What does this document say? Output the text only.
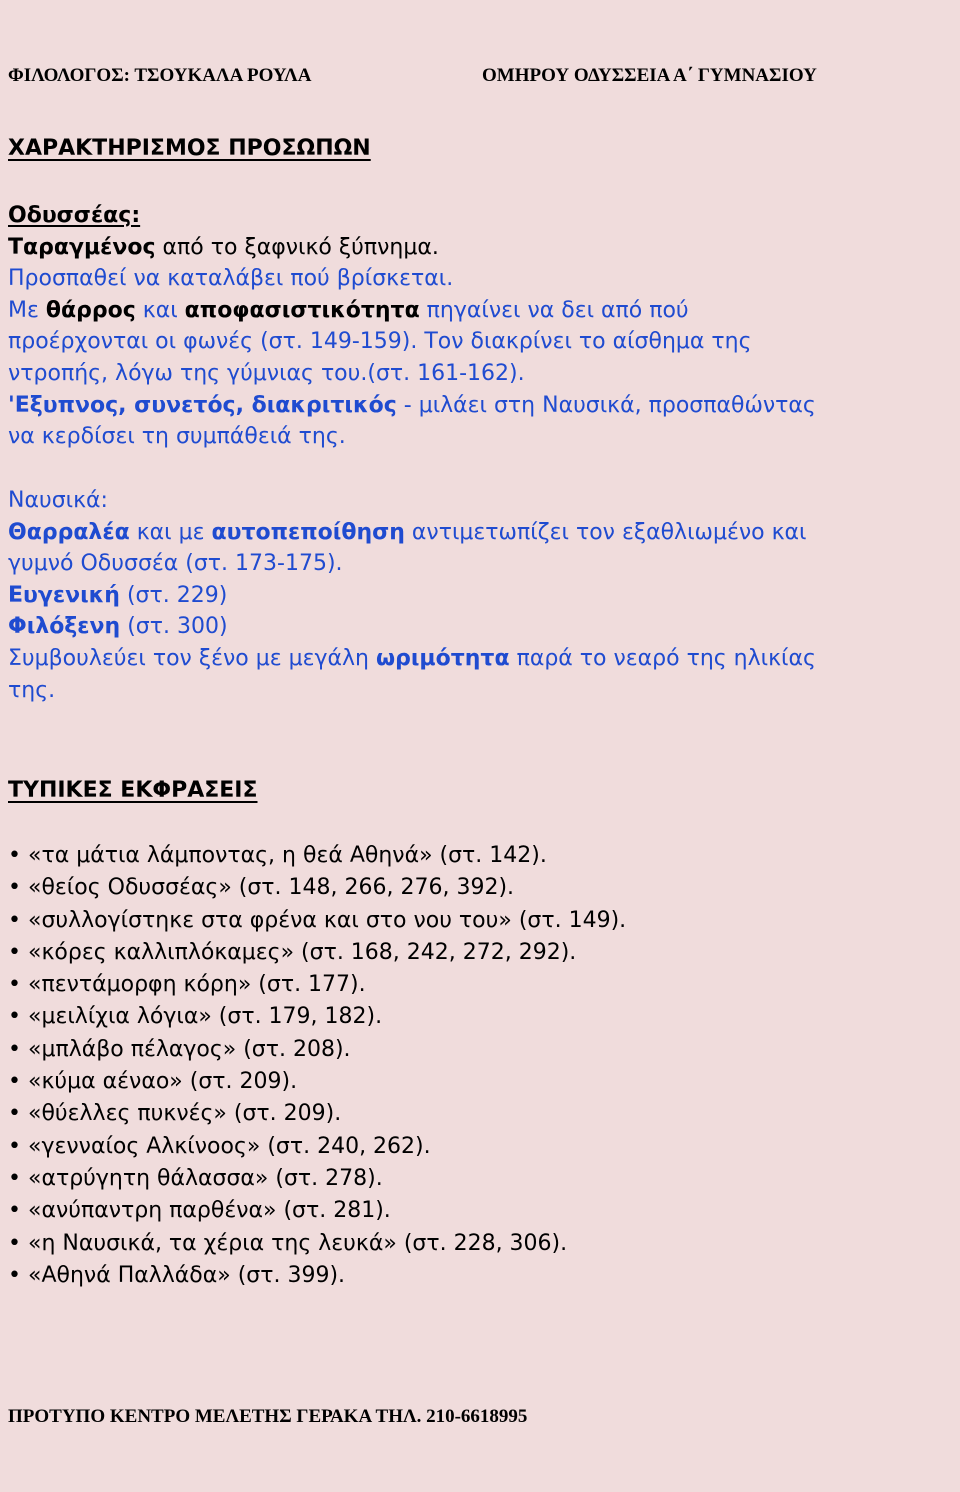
ΦΙΛΟΛΟΓΟΣ: ΤΣΟΥΚΑΛΑ ΡΟΥΛΑ	ΟΜΗΡΟΥ ΟΔΥΣΣΕΙΑ Α΄ ΓΥΜΝΑΣΙΟΥ
ΧΑΡΑΚΤΗΡΙΣΜΟΣ ΠΡΟΣΩΠΩΝ
Οδυσσέας:
Ταραγμένος από το ξαφνικό ξύπνημα.
Προσπαθεί να καταλάβει πού βρίσκεται.
Με θάρρος και αποφασιστικότητα πηγαίνει να δει από πού
προέρχονται οι φωνές (στ. 149-159). Τον διακρίνει το αίσθημα της
ντροπής, λόγω της γύμνιας του.(στ. 161-162).
'Εξυπνος, συνετός, διακριτικός - μιλάει στη Ναυσικά, προσπαθώντας
να κερδίσει τη συμπάθειά της.
Ναυσικά:
Θαρραλέα και με αυτοπεποίθηση αντιμετωπίζει τον εξαθλιωμένο και
γυμνό Οδυσσέα (στ. 173-175).
Ευγενική (στ. 229)
Φιλόξενη (στ. 300)
Συμβουλεύει τον ξένο με μεγάλη ωριμότητα παρά το νεαρό της ηλικίας
της.
ΤΥΠΙΚΕΣ ΕΚΦΡΑΣΕΙΣ
• «τα μάτια λάμποντας, η θεά Αθηνά» (στ. 142).
• «θείος Οδυσσέας» (στ. 148, 266, 276, 392).
• «συλλογίστηκε στα φρένα και στο νου του» (στ. 149).
• «κόρες καλλιπλόκαμες» (στ. 168, 242, 272, 292).
• «πεντάμορφη κόρη» (στ. 177).
• «μειλίχια λόγια» (στ. 179, 182).
• «μπλάβο πέλαγος» (στ. 208).
• «κύμα αέναο» (στ. 209).
• «θύελλες πυκνές» (στ. 209).
• «γενναίος Αλκίνοος» (στ. 240, 262).
• «ατρύγητη θάλασσα» (στ. 278).
• «ανύπαντρη παρθένα» (στ. 281).
• «η Ναυσικά, τα χέρια της λευκά» (στ. 228, 306).
• «Αθηνά Παλλάδα» (στ. 399).
ΠΡΟΤΥΠΟ ΚΕΝΤΡΟ ΜΕΛΕΤΗΣ ΓΕΡΑΚΑ ΤΗΛ. 210-6618995
